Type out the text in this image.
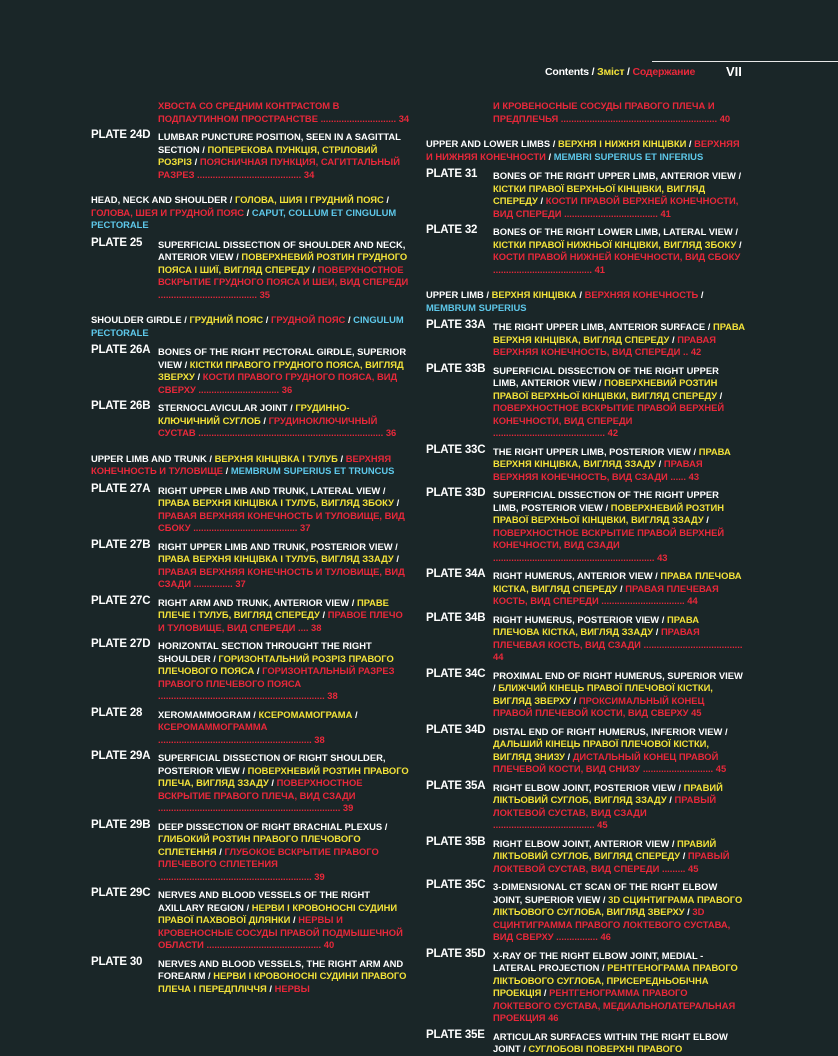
Contents / Зміст / Содержание VII
ХВОСТА СО СРЕДНИМ КОНТРАСТОМ В ПОДПАУТИННОМ ПРОСТРАНСТВЕ ............................. 34
PLATE 24D LUMBAR PUNCTURE POSITION, SEEN IN A SAGITTAL SECTION / ПОПЕРЕКОВА ПУНКЦІЯ, СТРІЛОВИЙ РОЗРІЗ / ПОЯСНИЧНАЯ ПУНКЦИЯ, САГИТТАЛЬНЫЙ РАЗРЕЗ ........................................ 34
HEAD, NECK AND SHOULDER / ГОЛОВА, ШИЯ І ГРУДНИЙ ПОЯС / ГОЛОВА, ШЕЯ И ГРУДНОЙ ПОЯС / CAPUT, COLLUM ET CINGULUM PECTORALE
PLATE 25 SUPERFICIAL DISSECTION OF SHOULDER AND NECK, ANTERIOR VIEW / ПОВЕРХНЕВИЙ РОЗТИН ГРУДНОГО ПОЯСА І ШИЇ, ВИГЛЯД СПЕРЕДУ / ПОВЕРХНОСТНОЕ ВСКРЫТИЕ ГРУДНОГО ПОЯСА И ШЕИ, ВИД СПЕРЕДИ ...................................... 35
SHOULDER GIRDLE / ГРУДНИЙ ПОЯС / ГРУДНОЙ ПОЯС / CINGULUM PECTORALE
PLATE 26A BONES OF THE RIGHT PECTORAL GIRDLE, SUPERIOR VIEW / КІСТКИ ПРАВОГО ГРУДНОГО ПОЯСА, ВИГЛЯД ЗВЕРХУ / КОСТИ ПРАВОГО ГРУДНОГО ПОЯСА, ВИД СВЕРХУ ............................... 36
PLATE 26B STERNOCLAVICULAR JOINT / ГРУДИННО-КЛЮЧИЧНИЙ СУГЛОБ / ГРУДИНОКЛЮЧИЧНЫЙ СУСТАВ ....................................................................... 36
UPPER LIMB AND TRUNK / ВЕРХНЯ КІНЦІВКА І ТУЛУБ / ВЕРХНЯЯ КОНЕЧНОСТЬ И ТУЛОВИЩЕ / MEMBRUM SUPERIUS ET TRUNCUS
PLATE 27A RIGHT UPPER LIMB AND TRUNK, LATERAL VIEW / ПРАВА ВЕРХНЯ КІНЦІВКА І ТУЛУБ, ВИГЛЯД ЗБОКУ / ПРАВАЯ ВЕРХНЯЯ КОНЕЧНОСТЬ И ТУЛОВИЩЕ, ВИД СБОКУ ........................................ 37
PLATE 27B RIGHT UPPER LIMB AND TRUNK, POSTERIOR VIEW / ПРАВА ВЕРХНЯ КІНЦІВКА І ТУЛУБ, ВИГЛЯД ЗЗАДУ / ПРАВАЯ ВЕРХНЯЯ КОНЕЧНОСТЬ И ТУЛОВИЩЕ, ВИД СЗАДИ ............... 37
PLATE 27C RIGHT ARM AND TRUNK, ANTERIOR VIEW / ПРАВЕ ПЛЕЧЕ І ТУЛУБ, ВИГЛЯД СПЕРЕДУ / ПРАВОЕ ПЛЕЧО И ТУЛОВИЩЕ, ВИД СПЕРЕДИ .... 38
PLATE 27D HORIZONTAL SECTION THROUGHT THE RIGHT SHOULDER / ГОРИЗОНТАЛЬНИЙ РОЗРІЗ ПРАВОГО ПЛЕЧОВОГО ПОЯСА / ГОРИЗОНТАЛЬНЫЙ РАЗРЕЗ ПРАВОГО ПЛЕЧЕВОГО ПОЯСА ................................................................ 38
PLATE 28 XEROMAMMOGRAM / КСЕРОМАМОГРАМА / КСЕРОМАММОГРАММА ........................................................... 38
PLATE 29A SUPERFICIAL DISSECTION OF RIGHT SHOULDER, POSTERIOR VIEW / ПОВЕРХНЕВИЙ РОЗТИН ПРАВОГО ПЛЕЧА, ВИГЛЯД ЗЗАДУ / ПОВЕРХНОСТНОЕ ВСКРЫТИЕ ПРАВОГО ПЛЕЧА, ВИД СЗАДИ ...................................................................... 39
PLATE 29B DEEP DISSECTION OF RIGHT BRACHIAL PLEXUS / ГЛИБОКИЙ РОЗТИН ПРАВОГО ПЛЕЧОВОГО СПЛЕТЕННЯ / ГЛУБОКОЕ ВСКРЫТИЕ ПРАВОГО ПЛЕЧЕВОГО СПЛЕТЕНИЯ ........................................................... 39
PLATE 29C NERVES AND BLOOD VESSELS OF THE RIGHT AXILLARY REGION / НЕРВИ І КРОВОНОСНІ СУДИНИ ПРАВОЇ ПАХВОВОЇ ДІЛЯНКИ / НЕРВЫ И КРОВЕНОСНЫЕ СОСУДЫ ПРАВОЙ ПОДМЫШЕЧНОЙ ОБЛАСТИ ............................................ 40
PLATE 30 NERVES AND BLOOD VESSELS, THE RIGHT ARM AND FOREARM / НЕРВИ І КРОВОНОСНІ СУДИНИ ПРАВОГО ПЛЕЧА І ПЕРЕДПЛІЧЧЯ / НЕРВЫ
И КРОВЕНОСНЫЕ СОСУДЫ ПРАВОГО ПЛЕЧА И ПРЕДПЛЕЧЬЯ ............................................................ 40
UPPER AND LOWER LIMBS / ВЕРХНЯ І НИЖНЯ КІНЦІВКИ / ВЕРХНЯЯ И НИЖНЯЯ КОНЕЧНОСТИ / MEMBRI SUPERIUS ET INFERIUS
PLATE 31 BONES OF THE RIGHT UPPER LIMB, ANTERIOR VIEW / КІСТКИ ПРАВОЇ ВЕРХНЬОЇ КІНЦІВКИ, ВИГЛЯД СПЕРЕДУ / КОСТИ ПРАВОЙ ВЕРХНЕЙ КОНЕЧНОСТИ, ВИД СПЕРЕДИ .................................... 41
PLATE 32 BONES OF THE RIGHT LOWER LIMB, LATERAL VIEW / КІСТКИ ПРАВОЇ НИЖНЬОЇ КІНЦІВКИ, ВИГЛЯД ЗБОКУ / КОСТИ ПРАВОЙ НИЖНЕЙ КОНЕЧНОСТИ, ВИД СБОКУ ...................................... 41
UPPER LIMB / ВЕРХНЯ КІНЦІВКА / ВЕРХНЯЯ КОНЕЧНОСТЬ / MEMBRUM SUPERIUS
PLATE 33A THE RIGHT UPPER LIMB, ANTERIOR SURFACE / ПРАВА ВЕРХНЯ КІНЦІВКА, ВИГЛЯД СПЕРЕДУ / ПРАВАЯ ВЕРХНЯЯ КОНЕЧНОСТЬ, ВИД СПЕРЕДИ .. 42
PLATE 33B SUPERFICIAL DISSECTION OF THE RIGHT UPPER LIMB, ANTERIOR VIEW / ПОВЕРХНЕВИЙ РОЗТИН ПРАВОЇ ВЕРХНЬОЇ КІНЦІВКИ, ВИГЛЯД СПЕРЕДУ / ПОВЕРХНОСТНОЕ ВСКРЫТИЕ ПРАВОЙ ВЕРХНЕЙ КОНЕЧНОСТИ, ВИД СПЕРЕДИ ........................................... 42
PLATE 33C THE RIGHT UPPER LIMB, POSTERIOR VIEW / ПРАВА ВЕРХНЯ КІНЦІВКА, ВИГЛЯД ЗЗАДУ / ПРАВАЯ ВЕРХНЯЯ КОНЕЧНОСТЬ, ВИД СЗАДИ ...... 43
PLATE 33D SUPERFICIAL DISSECTION OF THE RIGHT UPPER LIMB, POSTERIOR VIEW / ПОВЕРХНЕВИЙ РОЗТИН ПРАВОЇ ВЕРХНЬОЇ КІНЦІВКИ, ВИГЛЯД ЗЗАДУ / ПОВЕРХНОСТНОЕ ВСКРЫТИЕ ПРАВОЙ ВЕРХНЕЙ КОНЕЧНОСТИ, ВИД СЗАДИ .............................................................. 43
PLATE 34A RIGHT HUMERUS, ANTERIOR VIEW / ПРАВА ПЛЕЧОВА КІСТКА, ВИГЛЯД СПЕРЕДУ / ПРАВАЯ ПЛЕЧЕВАЯ КОСТЬ, ВИД СПЕРЕДИ ................................ 44
PLATE 34B RIGHT HUMERUS, POSTERIOR VIEW / ПРАВА ПЛЕЧОВА КІСТКА, ВИГЛЯД ЗЗАДУ / ПРАВАЯ ПЛЕЧЕВАЯ КОСТЬ, ВИД СЗАДИ ...................................... 44
PLATE 34C PROXIMAL END OF RIGHT HUMERUS, SUPERIOR VIEW / БЛИЖЧИЙ КІНЕЦЬ ПРАВОЇ ПЛЕЧОВОЇ КІСТКИ, ВИГЛЯД ЗВЕРХУ / ПРОКСИМАЛЬНЫЙ КОНЕЦ ПРАВОЙ ПЛЕЧЕВОЙ КОСТИ, ВИД СВЕРХУ 45
PLATE 34D DISTAL END OF RIGHT HUMERUS, INFERIOR VIEW / ДАЛЬШИЙ КІНЕЦЬ ПРАВОЇ ПЛЕЧОВОЇ КІСТКИ, ВИГЛЯД ЗНИЗУ / ДИСТАЛЬНЫЙ КОНЕЦ ПРАВОЙ ПЛЕЧЕВОЙ КОСТИ, ВИД СНИЗУ ........................... 45
PLATE 35A RIGHT ELBOW JOINT, POSTERIOR VIEW / ПРАВИЙ ЛІКТЬОВИЙ СУГЛОБ, ВИГЛЯД ЗЗАДУ / ПРАВЫЙ ЛОКТЕВОЙ СУСТАВ, ВИД СЗАДИ ....................................... 45
PLATE 35B RIGHT ELBOW JOINT, ANTERIOR VIEW / ПРАВИЙ ЛІКТЬОВИЙ СУГЛОБ, ВИГЛЯД СПЕРЕДУ / ПРАВЫЙ ЛОКТЕВОЙ СУСТАВ, ВИД СПЕРЕДИ ......... 45
PLATE 35C 3-DIMENSIONAL CT SCAN OF THE RIGHT ELBOW JOINT, SUPERIOR VIEW / 3D СЦИНТИГРАМА ПРАВОГО ЛІКТЬОВОГО СУГЛОБА, ВИГЛЯД ЗВЕРХУ / 3D СЦИНТИГРАММА ПРАВОГО ЛОКТЕВОГО СУСТАВА, ВИД СВЕРХУ ................ 46
PLATE 35D X-RAY OF THE RIGHT ELBOW JOINT, MEDIAL - LATERAL PROJECTION / РЕНТГЕНОГРАМА ПРАВОГО ЛІКТЬОВОГО СУГЛОБА, ПРИСЕРЕДНЬОБІЧНА ПРОЕКЦІЯ / РЕНТГЕНОГРАММА ПРАВОГО ЛОКТЕВОГО СУСТАВА, МЕДИАЛЬНОЛАТЕРАЛЬНАЯ ПРОЕКЦИЯ 46
PLATE 35E ARTICULAR SURFACES WITHIN THE RIGHT ELBOW JOINT / СУГЛОБОВІ ПОВЕРХНІ ПРАВОГО
